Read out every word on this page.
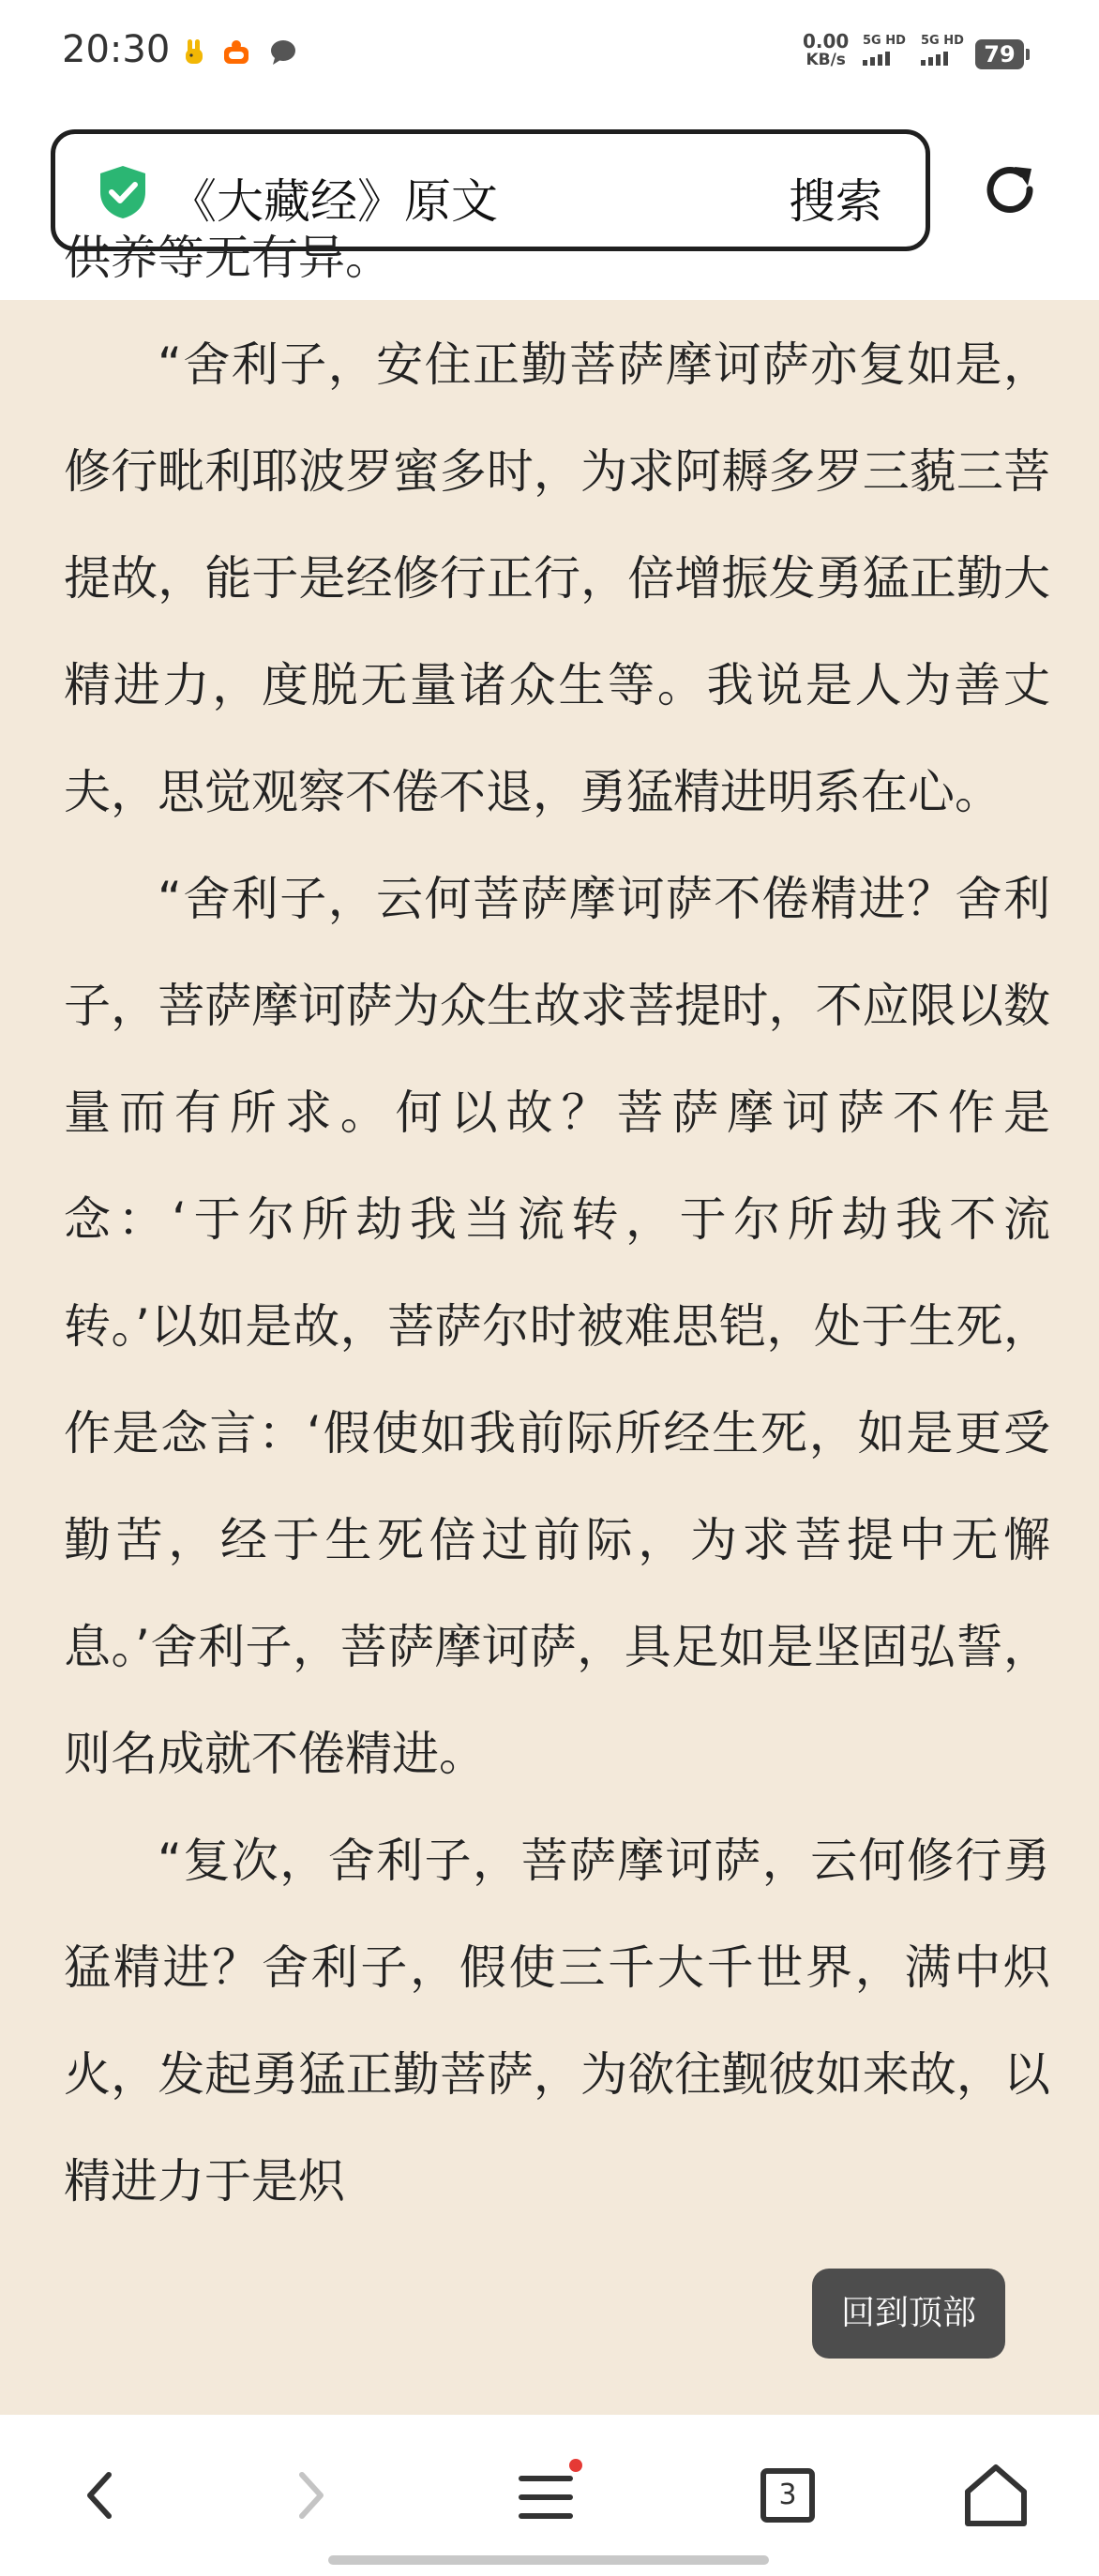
20:30	0.00
KB/s
5G HD 5G HD
79
《大藏经》原文	搜索

供养等无有异。

“舍利子，安住正勤菩萨摩诃萨亦复如是，修行毗利耶波罗蜜多时，为求阿耨多罗三藐三菩提故，能于是经修行正行，倍增振发勇猛正勤大精进力，度脱无量诸众生等。我说是人为善丈夫，思觉观察不倦不退，勇猛精进明系在心。

“舍利子，云何菩萨摩诃萨不倦精进？舍利子，菩萨摩诃萨为众生故求菩提时，不应限以数量而有所求。何以故？菩萨摩诃萨不作是念：‘于尔所劫我当流转，于尔所劫我不流转。’以如是故，菩萨尔时被难思铠，处于生死，作是念言：‘假使如我前际所经生死，如是更受勤苦，经于生死倍过前际，为求菩提中无懈息。’舍利子，菩萨摩诃萨，具足如是坚固弘誓，则名成就不倦精进。

“复次，舍利子，菩萨摩诃萨，云何修行勇猛精进？舍利子，假使三千大千世界，满中炽火，发起勇猛正勤菩萨，为欲往觐彼如来故，以精进力于是炽

回到顶部
3
